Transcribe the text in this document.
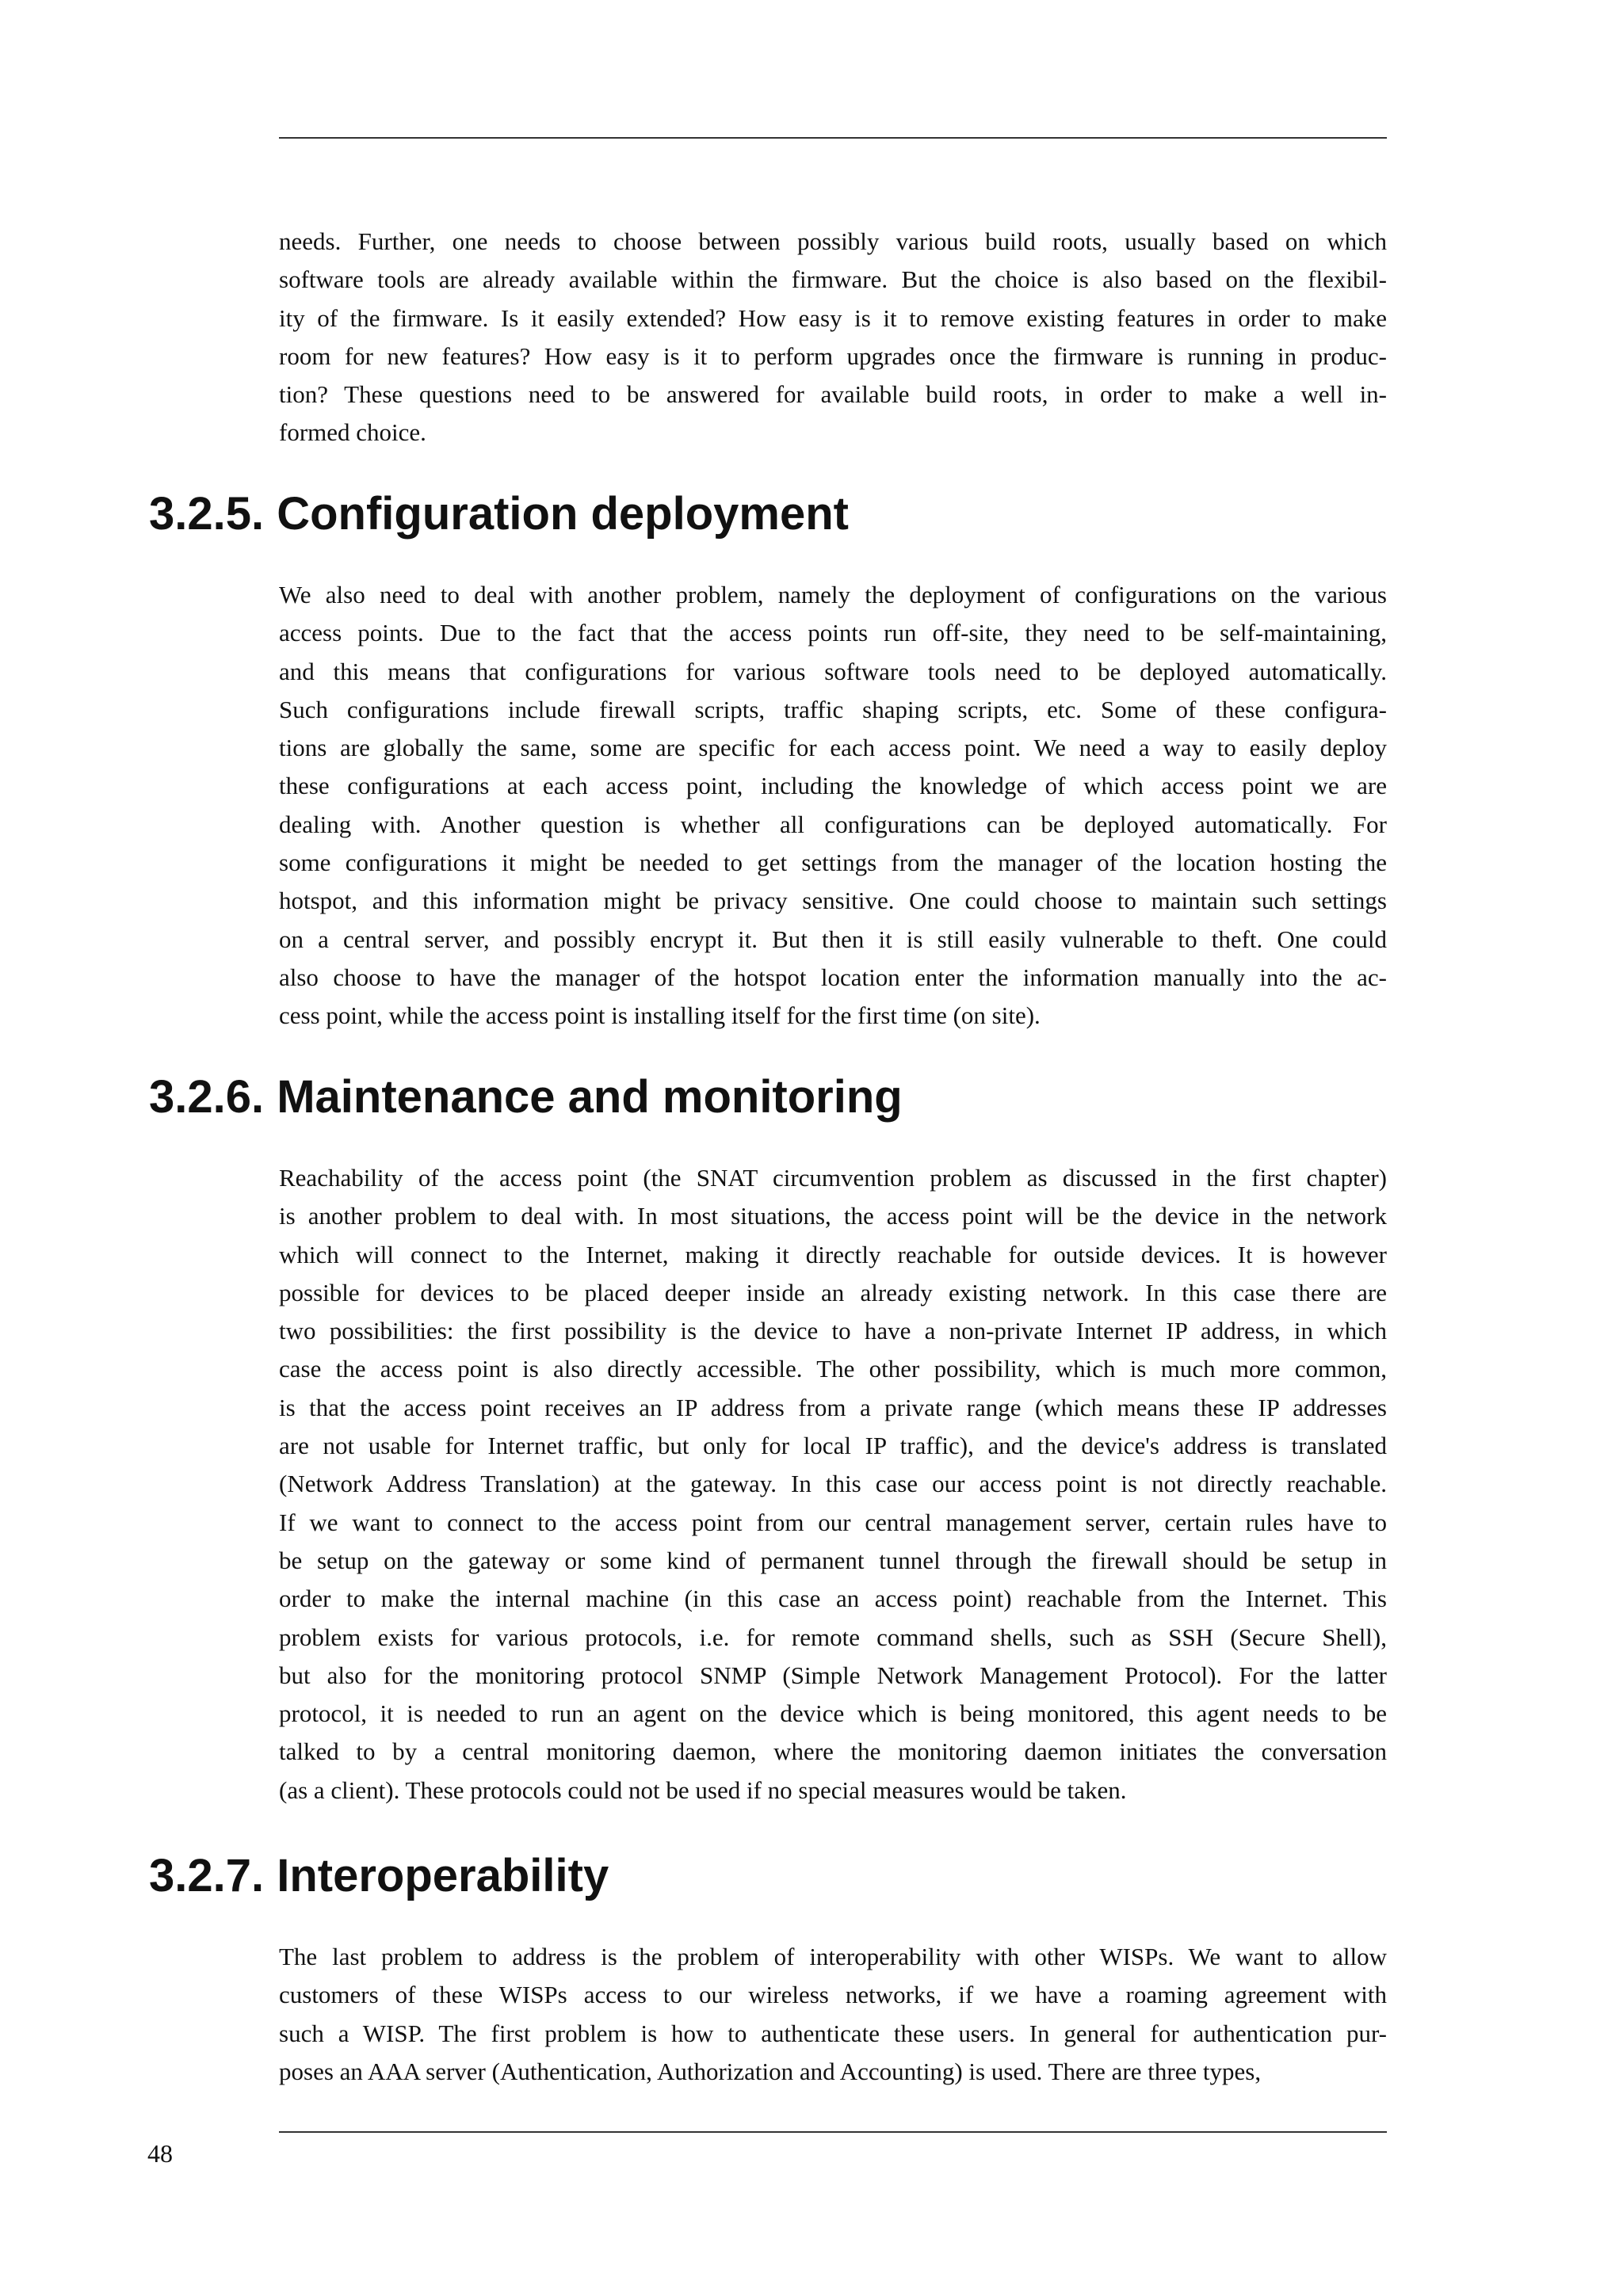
needs. Further, one needs to choose between possibly various build roots, usually based on which
software tools are already available within the firmware. But the choice is also based on the flexibil-
ity of the firmware. Is it easily extended? How easy is it to remove existing features in order to make
room for new features? How easy is it to perform upgrades once the firmware is running in produc-
tion? These questions need to be answered for available build roots, in order to make a well in-
formed choice.

3.2.5. Configuration deployment

We also need to deal with another problem, namely the deployment of configurations on the various
access points. Due to the fact that the access points run off-site, they need to be self-maintaining,
and this means that configurations for various software tools need to be deployed automatically.
Such configurations include firewall scripts, traffic shaping scripts, etc. Some of these configura-
tions are globally the same, some are specific for each access point. We need a way to easily deploy
these configurations at each access point, including the knowledge of which access point we are
dealing with. Another question is whether all configurations can be deployed automatically. For
some configurations it might be needed to get settings from the manager of the location hosting the
hotspot, and this information might be privacy sensitive. One could choose to maintain such settings
on a central server, and possibly encrypt it. But then it is still easily vulnerable to theft. One could
also choose to have the manager of the hotspot location enter the information manually into the ac-
cess point, while the access point is installing itself for the first time (on site).

3.2.6. Maintenance and monitoring

Reachability of the access point (the SNAT circumvention problem as discussed in the first chapter)
is another problem to deal with. In most situations, the access point will be the device in the network
which will connect to the Internet, making it directly reachable for outside devices. It is however
possible for devices to be placed deeper inside an already existing network. In this case there are
two possibilities: the first possibility is the device to have a non-private Internet IP address, in which
case the access point is also directly accessible. The other possibility, which is much more common,
is that the access point receives an IP address from a private range (which means these IP addresses
are not usable for Internet traffic, but only for local IP traffic), and the device's address is translated
(Network Address Translation) at the gateway. In this case our access point is not directly reachable.
If we want to connect to the access point from our central management server, certain rules have to
be setup on the gateway or some kind of permanent tunnel through the firewall should be setup in
order to make the internal machine (in this case an access point) reachable from the Internet. This
problem exists for various protocols, i.e. for remote command shells, such as SSH (Secure Shell),
but also for the monitoring protocol SNMP (Simple Network Management Protocol). For the latter
protocol, it is needed to run an agent on the device which is being monitored, this agent needs to be
talked to by a central monitoring daemon, where the monitoring daemon initiates the conversation
(as a client). These protocols could not be used if no special measures would be taken.

3.2.7. Interoperability

The last problem to address is the problem of interoperability with other WISPs. We want to allow
customers of these WISPs access to our wireless networks, if we have a roaming agreement with
such a WISP. The first problem is how to authenticate these users. In general for authentication pur-
poses an AAA server (Authentication, Authorization and Accounting) is used. There are three types,

48
